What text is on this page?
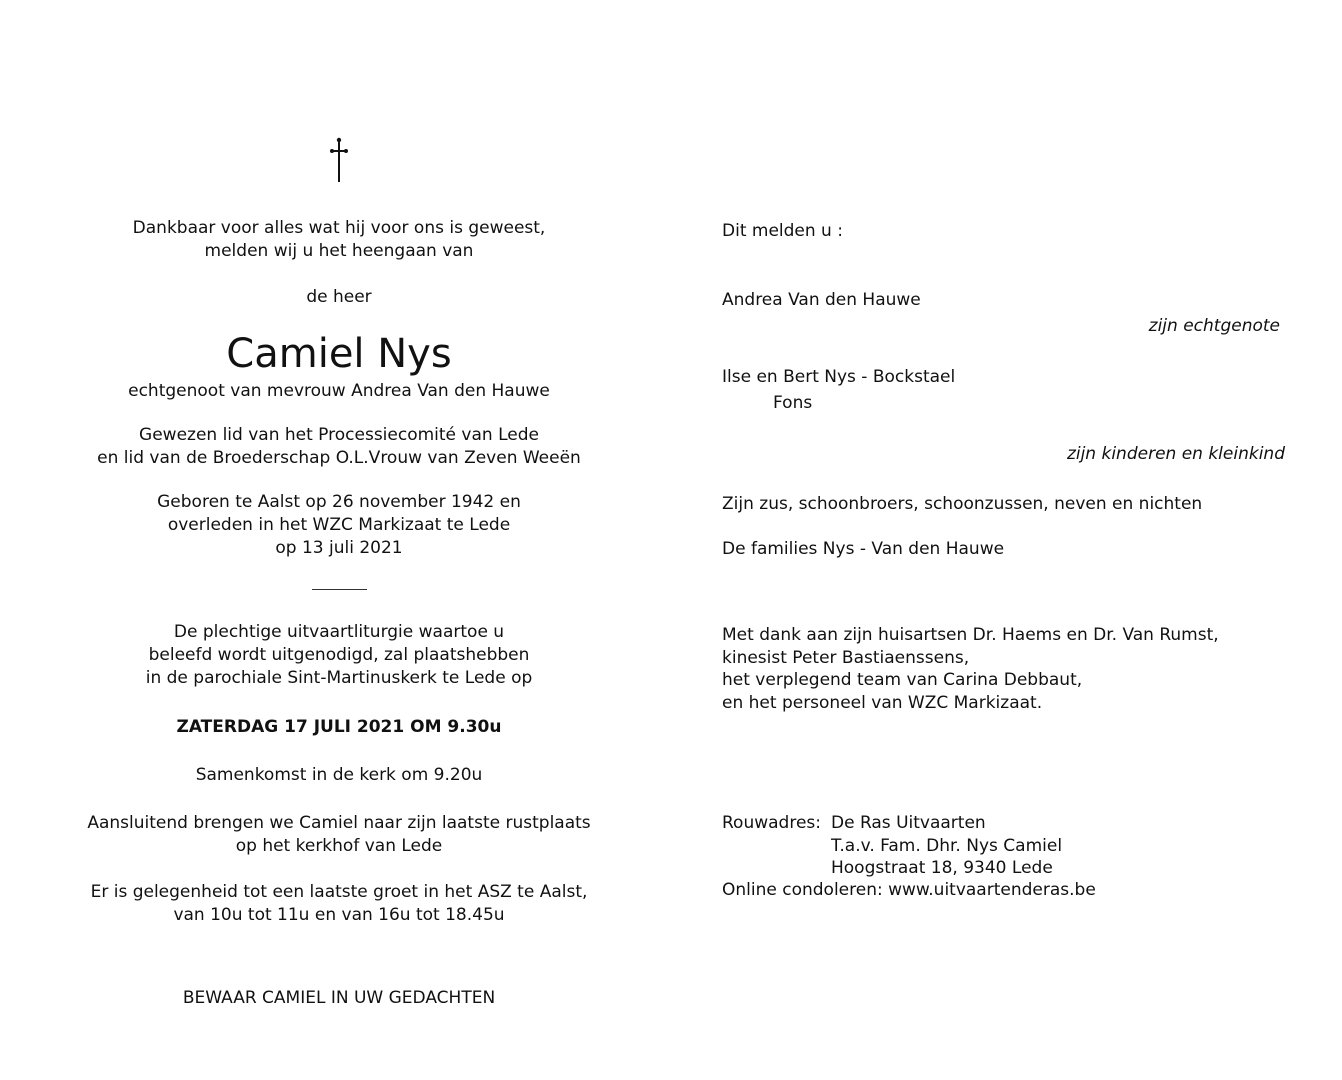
Dankbaar voor alles wat hij voor ons is geweest,
melden wij u het heengaan van
de heer
Camiel Nys
echtgenoot van mevrouw Andrea Van den Hauwe
Gewezen lid van het Processiecomité van Lede
en lid van de Broederschap O.L.Vrouw van Zeven Weeën
Geboren te Aalst op 26 november 1942 en
overleden in het WZC Markizaat te Lede
op 13 juli 2021
De plechtige uitvaartliturgie waartoe u
beleefd wordt uitgenodigd, zal plaatshebben
in de parochiale Sint-Martinuskerk te Lede op
ZATERDAG 17 JULI 2021 OM 9.30u
Samenkomst in de kerk om 9.20u
Aansluitend brengen we Camiel naar zijn laatste rustplaats
op het kerkhof van Lede
Er is gelegenheid tot een laatste groet in het ASZ te Aalst,
van 10u tot 11u en van 16u tot 18.45u
BEWAAR CAMIEL IN UW GEDACHTEN
Dit melden u :
Andrea Van den Hauwe
zijn echtgenote
Ilse en Bert Nys - Bockstael
Fons
zijn kinderen en kleinkind
Zijn zus, schoonbroers, schoonzussen, neven en nichten
De families Nys - Van den Hauwe
Met dank aan zijn huisartsen Dr. Haems en Dr. Van Rumst,
kinesist Peter Bastiaenssens,
het verplegend team van Carina Debbaut,
en het personeel van WZC Markizaat.
Rouwadres: De Ras Uitvaarten
T.a.v. Fam. Dhr. Nys Camiel
Hoogstraat 18, 9340 Lede
Online condoleren: www.uitvaartenderas.be
